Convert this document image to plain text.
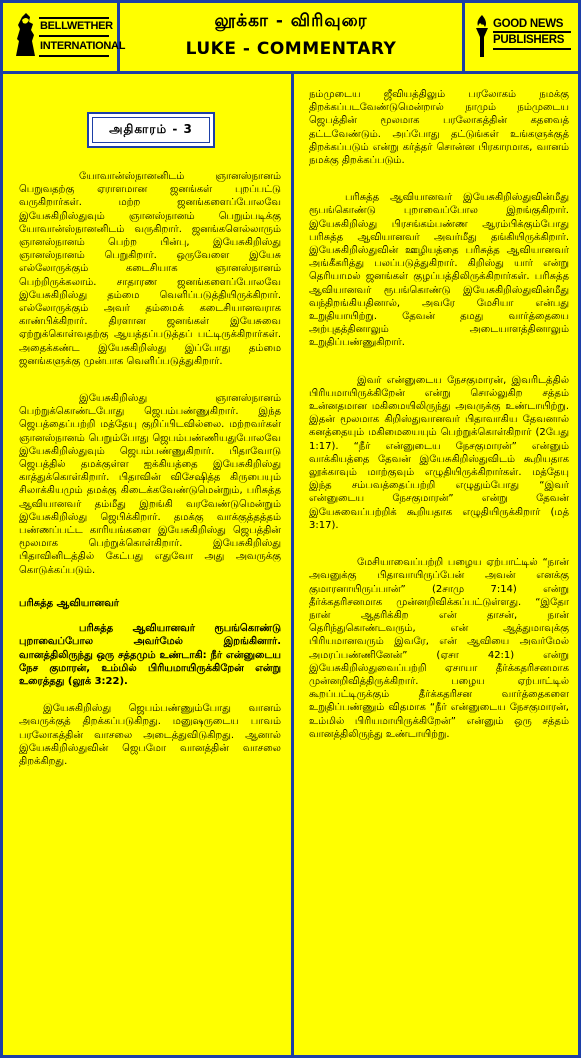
BELLWETHER
INTERNATIONAL
லூக்கா - விரிவுரை
LUKE - COMMENTARY
GOOD NEWS
PUBLISHERS
அதிகாரம் - 3

யோவான்ஸ்நானனிடம் ஞானஸ்நானம் பெறுவதற்கு ஏராளமான ஜனங்கள் புறப்பட்டு வருகிறார்கள். மற்ற ஜனங்களைப்போலவே இயேசுகிறிஸ்துவும் ஞானஸ்நானம் பெறும்படிக்கு யோவான்ஸ்நானனிடம் வருகிறார். ஜனங்களெல்லாரும் ஞானஸ்நானம் பெற்ற பின்பு, இயேசுகிறிஸ்து ஞானஸ்நானம் பெறுகிறார். ஒருவேளை இயேசு எல்லோருக்கும் கடைசியாக ஞானஸ்நானம் பெற்றிருக்கலாம். சாதாரண ஜனங்களைப்போலவே இயேசுகிறிஸ்து தம்மை வெளிப்படுத்தியிருக்கிறார். எல்லோருக்கும் அவர் தம்மைக் கடைசியானவராக காண்பிக்கிறார். திரளான ஜனங்கள் இயேசுவை ஏற்றுக்கொள்வதற்கு ஆயத்தப்படுத்தப் பட்டிருக்கிறார்கள். அதைக்கண்ட இயேசுகிறிஸ்து இப்போது தம்மை ஜனங்களுக்கு முன்பாக வெளிப்படுத்துகிறார்.

இயேசுகிறிஸ்து ஞானஸ்நானம் பெற்றுக்கொண்டபோது ஜெபம்பண்ணுகிறார். இந்த ஜெபத்தைப்பற்றி மத்தேயு குறிப்பிடவில்லை. மற்றவர்கள் ஞானஸ்நானம் பெறும்போது ஜெபம்பண்ணியதுபோலவே இயேசுகிறிஸ்துவும் ஜெபம்பண்ணுகிறார். பிதாவோடு ஜெபத்தில் தமக்குள்ள ஐக்கியத்தை இயேசுகிறிஸ்து காத்துக்கொள்கிறார். பிதாவின் விசேஷித்த கிருபையும் சிலாக்கியமும் தமக்கு கிடைக்கவேண்டுமென்றும், பரிசுத்த ஆவியானவர் தம்மீது இறங்கி வரவேண்டுமென்றும் இயேசுகிறிஸ்து ஜெபிக்கிறார். தமக்கு வாக்குத்தத்தம் பண்ணப்பட்ட காரியங்களை இயேசுகிறிஸ்து ஜெபத்தின் மூலமாக பெற்றுக்கொள்கிறார். இயேசுகிறிஸ்து பிதாவினிடத்தில் கேட்பது எதுவோ அது அவருக்கு கொடுக்கப்படும்.

பரிசுத்த ஆவியானவர்

பரிசுத்த ஆவியானவர் ரூபங்கொண்டு புறாவைப்போல அவர்மேல் இறங்கினார். வானத்திலிருந்து ஒரு சத்தமும் உண்டாகி: நீர் என்னுடைய நேச குமாரன், உம்மில் பிரியமாயிருக்கிறேன் என்று உரைத்தது (லூக் 3:22).

இயேசுகிறிஸ்து ஜெபம்பண்ணும்போது வானம் அவருக்குத் திறக்கப்படுகிறது. மனுஷருடைய பாவம் பரலோகத்தின் வாசலை அடைத்துவிடுகிறது. ஆனால் இயேசுகிறிஸ்துவின் ஜெபமோ வானத்தின் வாசலை திறக்கிறது.

நம்முடைய ஜீவியத்திலும் பரலோகம் நமக்கு திறக்கப்படவேண்டுமென்றால் நாமும் நம்முடைய ஜெபத்தின் மூலமாக பரலோகத்தின் கதவைத் தட்டவேண்டும். அப்போது தட்டுங்கள் உங்களுக்குத் திறக்கப்படும் என்று கர்த்தர் சொன்ன பிரகாரமாக, வானம் நமக்கு திறக்கப்படும்.

பரிசுத்த ஆவியானவர் இயேசுகிறிஸ்துவின்மீது ரூபங்கொண்டு புறாவைப்போல இறங்குகிறார். இயேசுகிறிஸ்து பிரசங்கம்பண்ண ஆரம்பிக்கும்போது பரிசுத்த ஆவியானவர் அவர்மீது தங்கியிருக்கிறார். இயேசுகிறிஸ்துவின் ஊழியத்தை பரிசுத்த ஆவியானவர் அங்கீகரித்து பலப்படுத்துகிறார். கிறிஸ்து யார் என்று தெரியாமல் ஜனங்கள் குழப்பத்திலிருக்கிறார்கள். பரிசுத்த ஆவியானவர் ரூபங்கொண்டு இயேசுகிறிஸ்துவின்மீது வந்திறங்கியதினால், அவரே மேசியா என்பது உறுதியாயிற்று. தேவன் தமது வார்த்தையை அற்புதத்தினாலும் அடையாளத்தினாலும் உறுதிப்பண்ணுகிறார்.

இவர் என்னுடைய நேசகுமாரன், இவரிடத்தில் பிரியமாயிருக்கிறேன் என்று சொல்லுகிற சத்தம் உன்னதமான மகிமையிலிருந்து அவருக்கு உண்டாயிற்று. இதன் மூலமாக கிறிஸ்துவானவர் பிதாவாகிய தேவனால் கனத்தையும் மகிமையையும் பெற்றுக்கொள்கிறார் (2பேது 1:17). “நீர் என்னுடைய நேசகுமாரன்” என்னும் வாக்கியத்தை தேவன் இயேசுகிறிஸ்துவிடம் கூறியதாக லூக்காவும் மாற்குவும் எழுதியிருக்கிறார்கள். மத்தேயு இந்த சம்பவத்தைப்பற்றி எழுதும்போது “இவர் என்னுடைய நேசகுமாரன்” என்று தேவன் இயேசுவைப்பற்றிக் கூறியதாக எழுதியிருக்கிறார் (மத் 3:17).

மேசியாவைப்பற்றி பழைய ஏற்பாட்டில் “நான் அவனுக்கு பிதாவாயிருப்பேன் அவன் எனக்கு குமாரனாயிருப்பான்” (2சாமு 7:14) என்று தீர்க்கதரிசனமாக முன்னறிவிக்கப்பட்டுள்ளது. “இதோ நான் ஆதரிக்கிற என் தாசன், நான் தெரிந்துகொண்டவரும், என் ஆத்துமாவுக்கு பிரியமானவரும் இவரே, என் ஆவியை அவர்மேல் அமரப்பண்ணினேன்” (ஏசா 42:1) என்று இயேசுகிறிஸ்துவைப்பற்றி ஏசாயா தீர்க்கதரிசனமாக முன்னறிவித்திருக்கிறார். பழைய ஏற்பாட்டில் கூறப்பட்டிருக்கும் தீர்க்கதரிசன வார்த்தைகளை உறுதிப்பண்ணும் விதமாக “நீர் என்னுடைய நேசகுமாரன், உம்மில் பிரியமாயிருக்கிறேன்” என்னும் ஒரு சத்தம் வானத்திலிருந்து உண்டாயிற்று.
